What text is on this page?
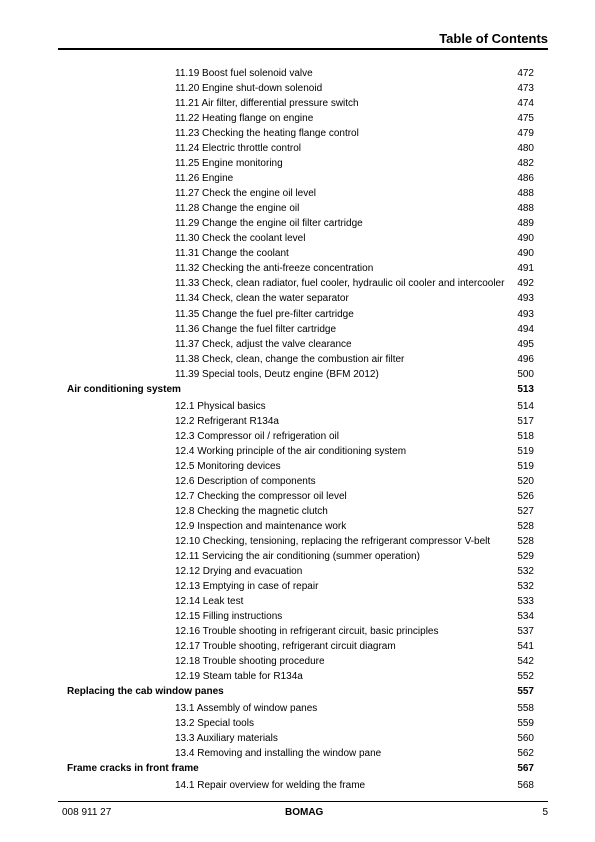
Table of Contents
11.19 Boost fuel solenoid valve	472
11.20 Engine shut-down solenoid	473
11.21 Air filter, differential pressure switch	474
11.22 Heating flange on engine	475
11.23 Checking the heating flange control	479
11.24 Electric throttle control	480
11.25 Engine monitoring	482
11.26 Engine	486
11.27 Check the engine oil level	488
11.28 Change the engine oil	488
11.29 Change the engine oil filter cartridge	489
11.30 Check the coolant level	490
11.31 Change the coolant	490
11.32 Checking the anti-freeze concentration	491
11.33 Check, clean radiator, fuel cooler, hydraulic oil cooler and intercooler 492
11.34 Check, clean the water separator	493
11.35 Change the fuel pre-filter cartridge	493
11.36 Change the fuel filter cartridge	494
11.37 Check, adjust the valve clearance	495
11.38 Check, clean, change the combustion air filter	496
11.39 Special tools, Deutz engine (BFM 2012)	500
Air conditioning system	513
12.1 Physical basics	514
12.2 Refrigerant R134a	517
12.3 Compressor oil / refrigeration oil	518
12.4 Working principle of the air conditioning system	519
12.5 Monitoring devices	519
12.6 Description of components	520
12.7 Checking the compressor oil level	526
12.8 Checking the magnetic clutch	527
12.9 Inspection and maintenance work	528
12.10 Checking, tensioning, replacing the refrigerant compressor V-belt	528
12.11 Servicing the air conditioning (summer operation)	529
12.12 Drying and evacuation	532
12.13 Emptying in case of repair	532
12.14 Leak test	533
12.15 Filling instructions	534
12.16 Trouble shooting in refrigerant circuit, basic principles	537
12.17 Trouble shooting, refrigerant circuit diagram	541
12.18 Trouble shooting procedure	542
12.19 Steam table for R134a	552
Replacing the cab window panes	557
13.1 Assembly of window panes	558
13.2 Special tools	559
13.3 Auxiliary materials	560
13.4 Removing and installing the window pane	562
Frame cracks in front frame	567
14.1 Repair overview for welding the frame	568
008 911 27	BOMAG	5
